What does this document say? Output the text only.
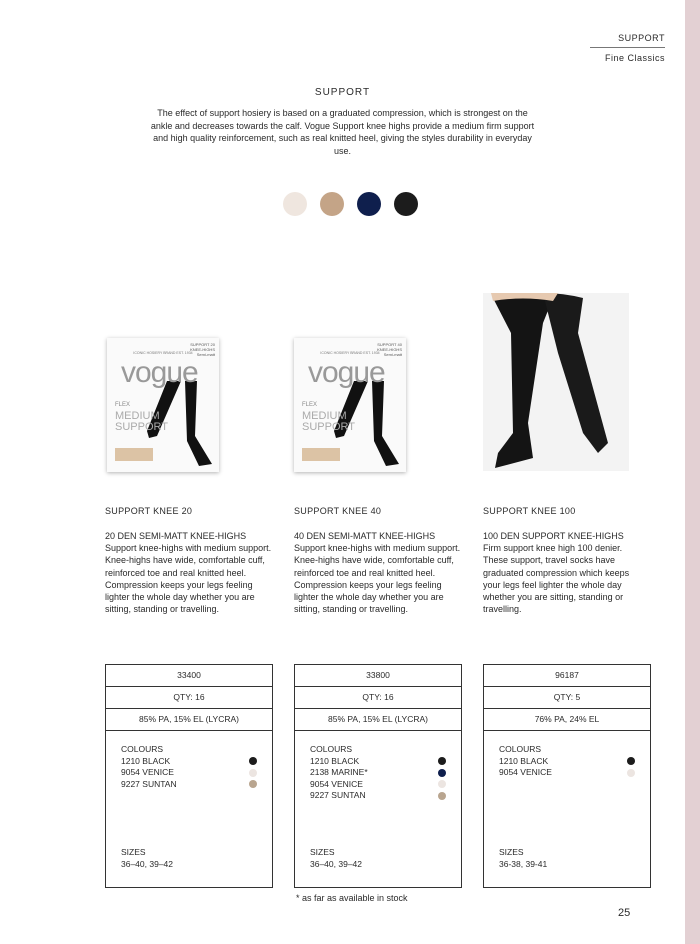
SUPPORT
Fine Classics
SUPPORT
The effect of support hosiery is based on a graduated compression, which is strongest on the ankle and decreases towards the calf. Vogue Support knee highs provide a medium firm support and high quality reinforcement, such as real knitted heel, giving the styles durability in everyday use.
SUPPORT 20
KNEE-HIGHS
Semi-matt
ICONIC HOSIERY BRAND EST. 1934
vogue
FLEX
MEDIUM
SUPPORT
SUPPORT 40
KNEE-HIGHS
Semi-matt
ICONIC HOSIERY BRAND EST. 1934
vogue
FLEX
MEDIUM
SUPPORT
SUPPORT KNEE 20	SUPPORT KNEE 40	SUPPORT KNEE 100
20 DEN SEMI-MATT KNEE-HIGHS
Support knee-highs with medium support. Knee-highs have wide, comfortable cuff, reinforced toe and real knitted heel. Compression keeps your legs feeling lighter the whole day whether you are sitting, standing or travelling.
40 DEN SEMI-MATT KNEE-HIGHS
Support knee-highs with medium support. Knee-highs have wide, comfortable cuff, reinforced toe and real knitted heel. Compression keeps your legs feeling lighter the whole day whether you are sitting, standing or travelling.
100 DEN SUPPORT KNEE-HIGHS
Firm support knee high 100 denier. These support, travel socks have graduated compression which keeps your legs feel lighter the whole day whether you are sitting, standing or travelling.
33400
QTY: 16
85% PA, 15% EL (LYCRA)
COLOURS
1210 BLACK
9054 VENICE
9227 SUNTAN
SIZES
36–40, 39–42
33800
QTY: 16
85% PA, 15% EL (LYCRA)
COLOURS
1210 BLACK
2138 MARINE*
9054 VENICE
9227 SUNTAN
SIZES
36–40, 39–42
96187
QTY: 5
76% PA, 24% EL
COLOURS
1210 BLACK
9054 VENICE
SIZES
36-38, 39-41
* as far as available in stock
25
